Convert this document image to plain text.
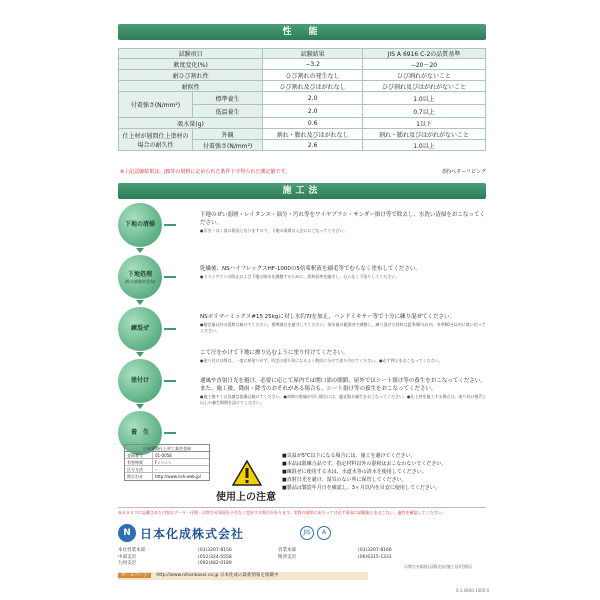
性　能
試験項目		試験結果	JIS A 6916 C-2の品質基準
軟度変化(%)		−3.2	−20〜20
耐ひび割れ性		ひび割れの発生なし	ひび割れがないこと
耐候性		ひび割れ及びはがれなし	ひび割れ及びはがれがないこと
付着強さ(N/mm²)	標準養生	2.0	1.0以上
	低温養生	2.0	0.7以上
吸水量(g)		0.6	1以下
仕上材が層間仕上塗材の場合の耐久性	外観	割れ・膨れ及びはがれなし	割れ・膨れ及びはがれがないこと
	付着強さ(N/mm²)	2.6	1.0以上
※上記試験結果は、JIS等の規格に定められた条件下で得られた測定値です。	(財)ベターリビング
施工法
下地の清掃
下地のぜい弱層・レイタンス・油分・汚れ等をワイヤブラシ・サンダー掛け等で除去し、水洗い清掃をおこなってください。
●浮き・はく落の原因となりますので、下地の清掃は入念におこなってください。
下地処理
(吸水調整材塗布)
乾燥後、NSハイフレックスHF-1000の5倍希釈液を刷毛等でむらなく塗布してください。
●ドライアウトの防止および下地の吸水を調整するために、希釈倍率を厳守し、むらなく下塗りしてください。
練混ぜ
NSポリマーミックス#15 25kgに対し水約7ℓを加え、ハンドミキサー等で十分に練り混ぜてください。
●指定量以外の混和は避けてください。標準調合を厳守してください。加水量の範囲内で調整し、練り混ぜた材料は夏季40分以内、冬季60分以内に使い切ってください。
塗付け
こて圧をかけて下地に擦り込むように塗り付けてください。
●塗り付けの際は、一度に厚塗りせず、所定の塗り厚になるよう数回に分けて塗り付けてください。●必ず押えをおこなってください。
養　生
通風や直射日光を避け、必要に応じて屋内では開口部の閉鎖、屋外ではシート掛け等の養生をおこなってください。また、施工後、降雨・降雪のおそれがある場合も、シート掛け等の養生をおこなってください。
●施工後すぐの急激な乾燥は避けてください。●初期の乾燥が早い場合には、適宜散水養生をおこなってください。●仕上材を施工する場合は、塗り付け後7日以上の養生期間を設けてください。
日本建築仕上材工業会登録
登録番号	01-0058
有害物質	F☆☆☆☆
区分方法	-
問合わせ	http://www.nsh-web.jp/
使用上の注意
■気温が5℃以下になる場合には、施工を避けてください。
■本品は限練合品です。指定材料以外の混和はおこなわないでください。
■練混ぜに使用する水は、水道水等の清水を使用してください。
■直射日光を避け、湿気のない所に保管してください。
■製品は製造年月日を確認し、3ヶ月以内を目安に使用してください。
本カタログに記載された内容はデータ・仕様・お問合せ事項を予告なく変更する場合があります。実際の使用にあたっては必ず事前に試験施工をおこない、適性を確認してください。
N 日本化成株式会社	JIS	A
本社営業本部	(03)3207-8156	営業本部	(03)3207-8166
中部支店	(052)324-5558	関西支店	(06)6315-1331
九州支店	(092)482-0189
ホームページ http://www.nihonkasei.co.jp 日本化成の最新情報を掲載中
お問合せ取扱店/販売店/施工店/代理店
0.3.0800.1000.0
